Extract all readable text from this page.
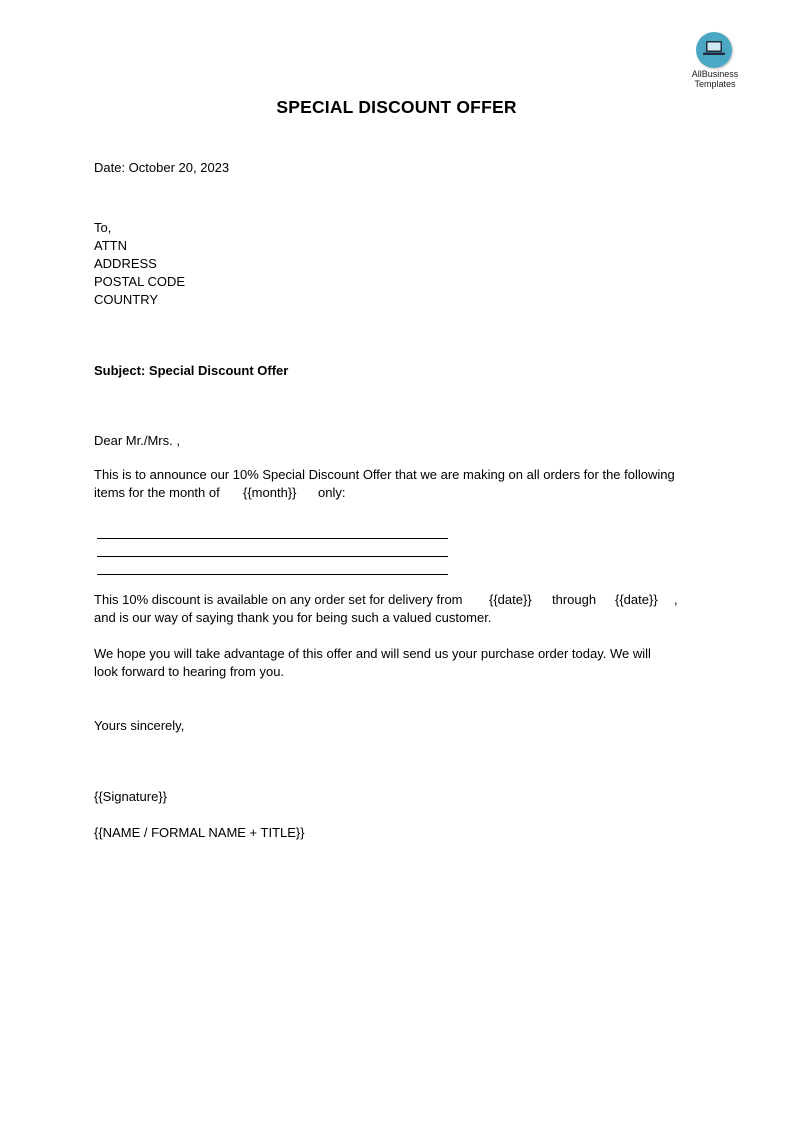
AllBusiness
Templates
SPECIAL DISCOUNT OFFER
Date: October 20, 2023
To,
ATTN
ADDRESS
POSTAL CODE
COUNTRY
Subject: Special Discount Offer
Dear Mr./Mrs. ,
This is to announce our 10% Special Discount Offer that we are making on all orders for the following
items for the month of {{month}} only:
This 10% discount is available on any order set for delivery from {{date}} through {{date}} ,
and is our way of saying thank you for being such a valued customer.
We hope you will take advantage of this offer and will send us your purchase order today. We will
look forward to hearing from you.
Yours sincerely,
{{Signature}}
{{NAME / FORMAL NAME + TITLE}}
